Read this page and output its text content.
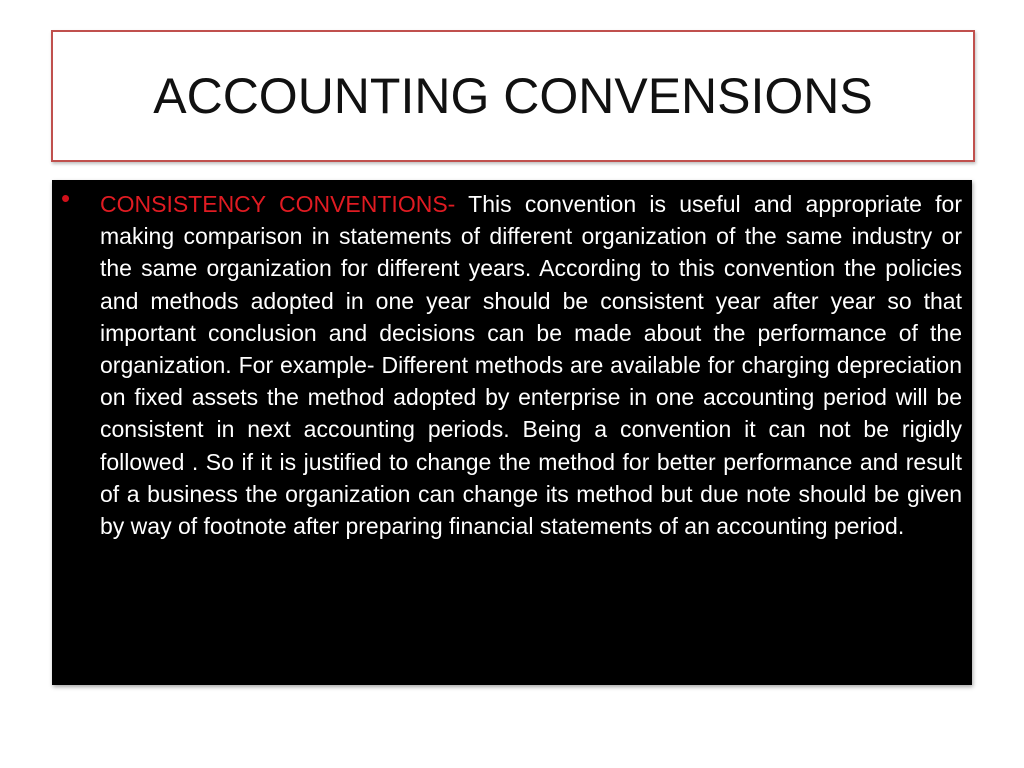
ACCOUNTING CONVENSIONS
• CONSISTENCY CONVENTIONS- This convention is useful and appropriate for making comparison in statements of different organization of the same industry or the same organization for different years. According to this convention the policies and methods adopted in one year should be consistent year after year so that important conclusion and decisions can be made about the performance of the organization. For example- Different methods are available for charging depreciation on fixed assets the method adopted by enterprise in one accounting period will be consistent in next accounting periods. Being a convention it can not be rigidly followed . So if it is justified to change the method for better performance and result of a business the organization can change its method but due note should be given by way of footnote after preparing financial statements of an accounting period.
